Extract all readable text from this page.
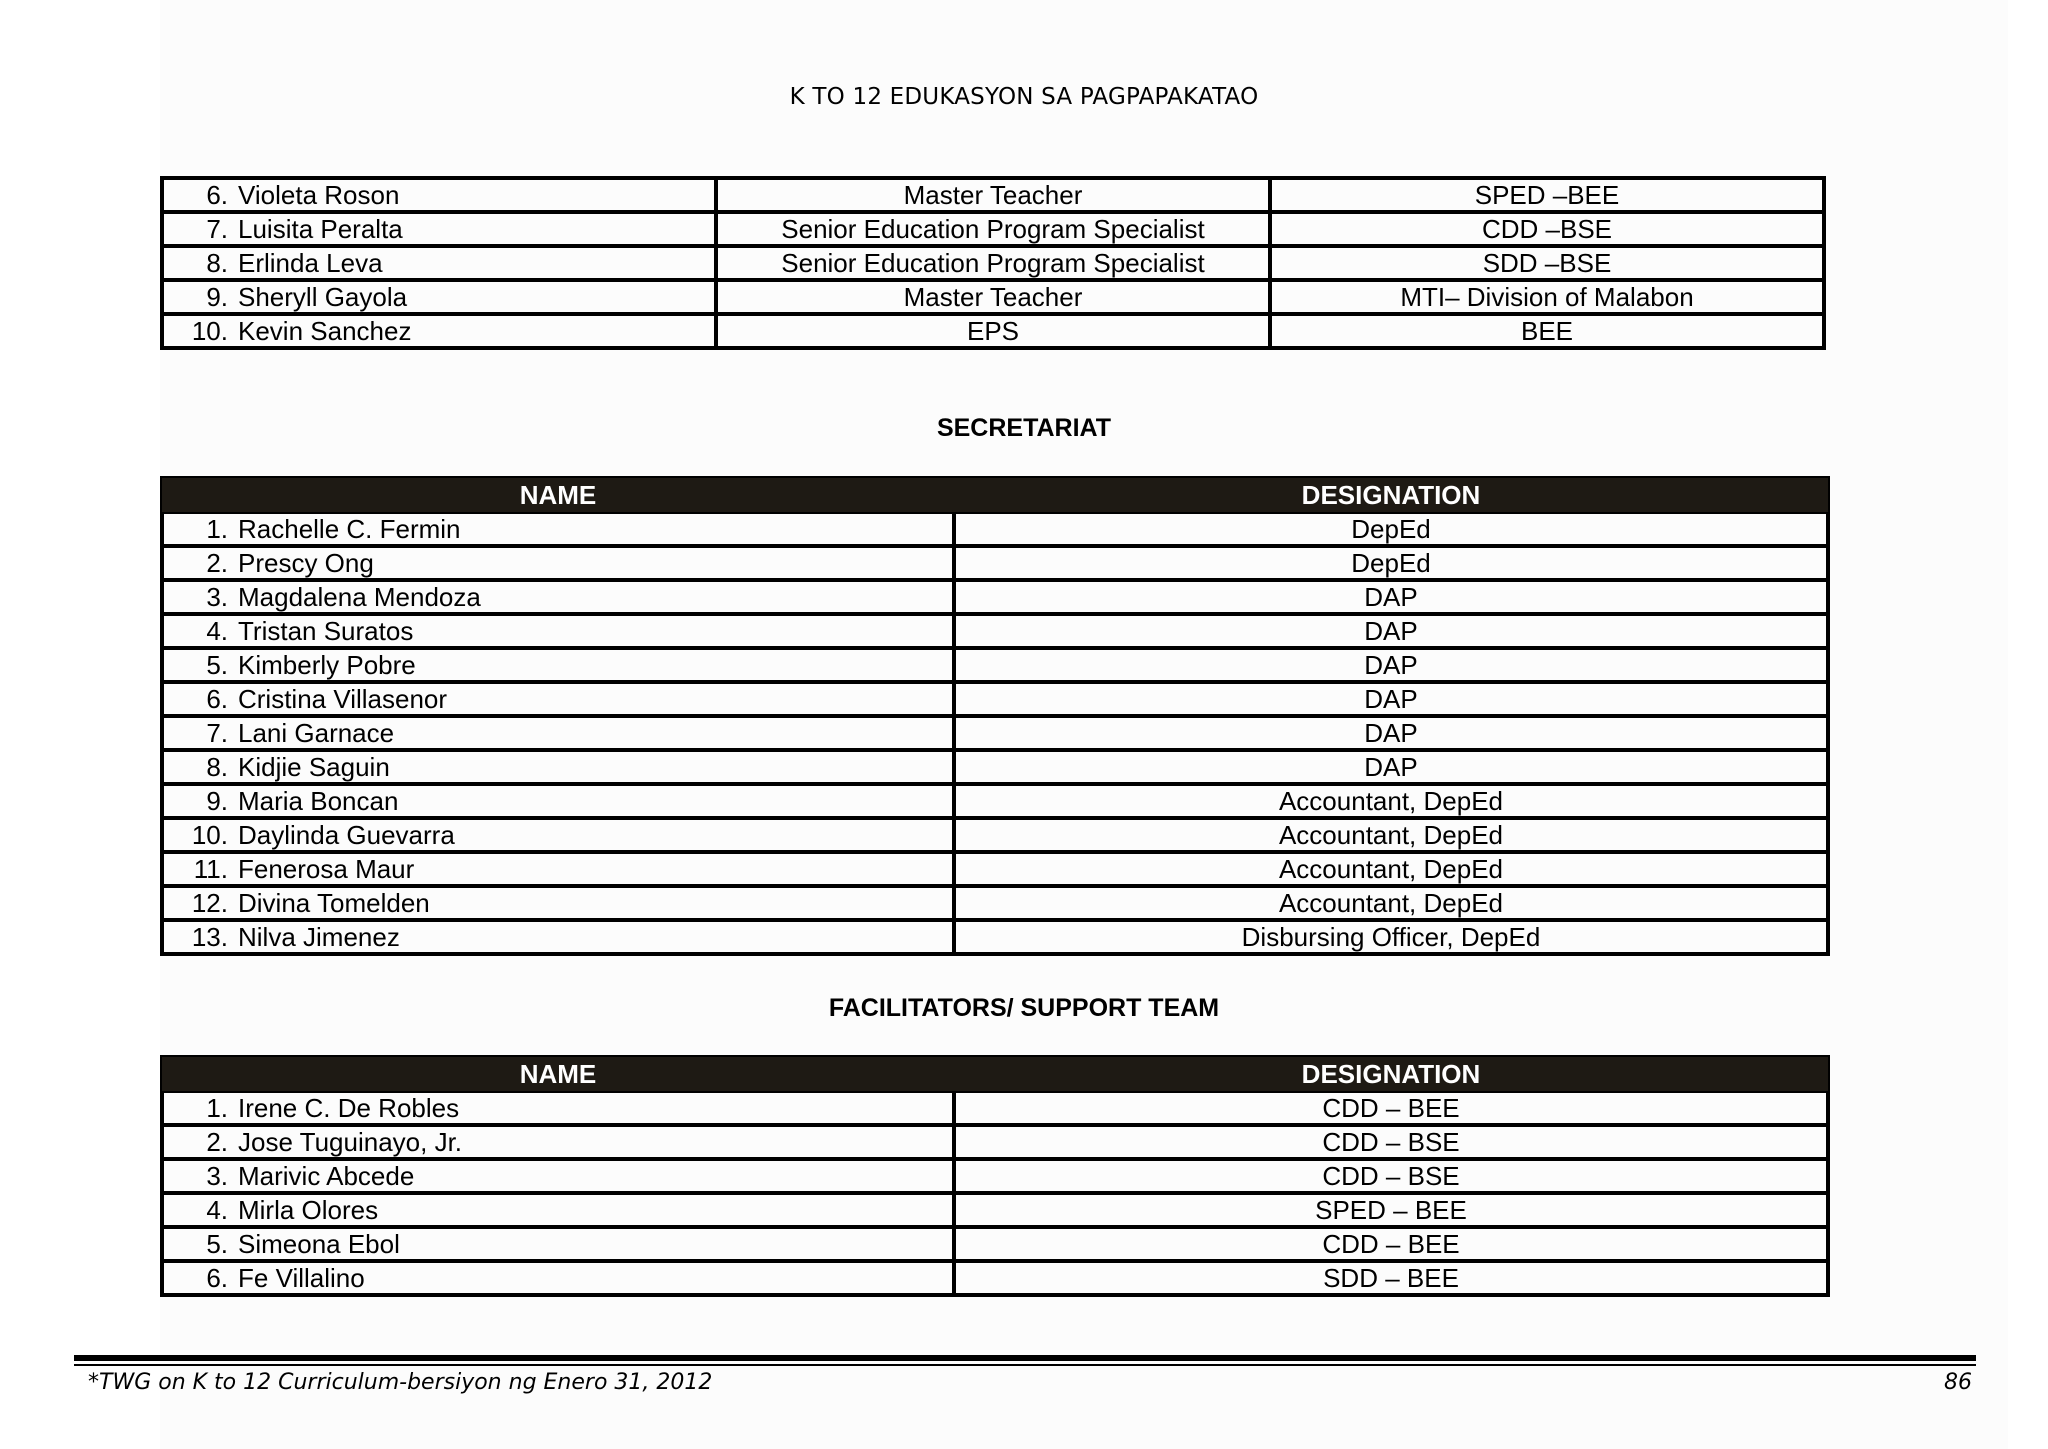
K TO 12 EDUKASYON SA PAGPAPAKATAO
6. Violeta Roson	Master Teacher	SPED –BEE
7. Luisita Peralta	Senior Education Program Specialist	CDD –BSE
8. Erlinda Leva	Senior Education Program Specialist	SDD –BSE
9. Sheryll Gayola	Master Teacher	MTI– Division of Malabon
10. Kevin Sanchez	EPS	BEE
SECRETARIAT
NAME	DESIGNATION
1. Rachelle C. Fermin	DepEd
2. Prescy Ong	DepEd
3. Magdalena Mendoza	DAP
4. Tristan Suratos	DAP
5. Kimberly Pobre	DAP
6. Cristina Villasenor	DAP
7. Lani Garnace	DAP
8. Kidjie Saguin	DAP
9. Maria Boncan	Accountant, DepEd
10. Daylinda Guevarra	Accountant, DepEd
11. Fenerosa Maur	Accountant, DepEd
12. Divina Tomelden	Accountant, DepEd
13. Nilva Jimenez	Disbursing Officer, DepEd
FACILITATORS/ SUPPORT TEAM
NAME	DESIGNATION
1. Irene C. De Robles	CDD – BEE
2. Jose Tuguinayo, Jr.	CDD – BSE
3. Marivic Abcede	CDD – BSE
4. Mirla Olores	SPED – BEE
5. Simeona Ebol	CDD – BEE
6. Fe Villalino	SDD – BEE
*TWG on K to 12 Curriculum-bersiyon ng Enero 31, 2012	86
